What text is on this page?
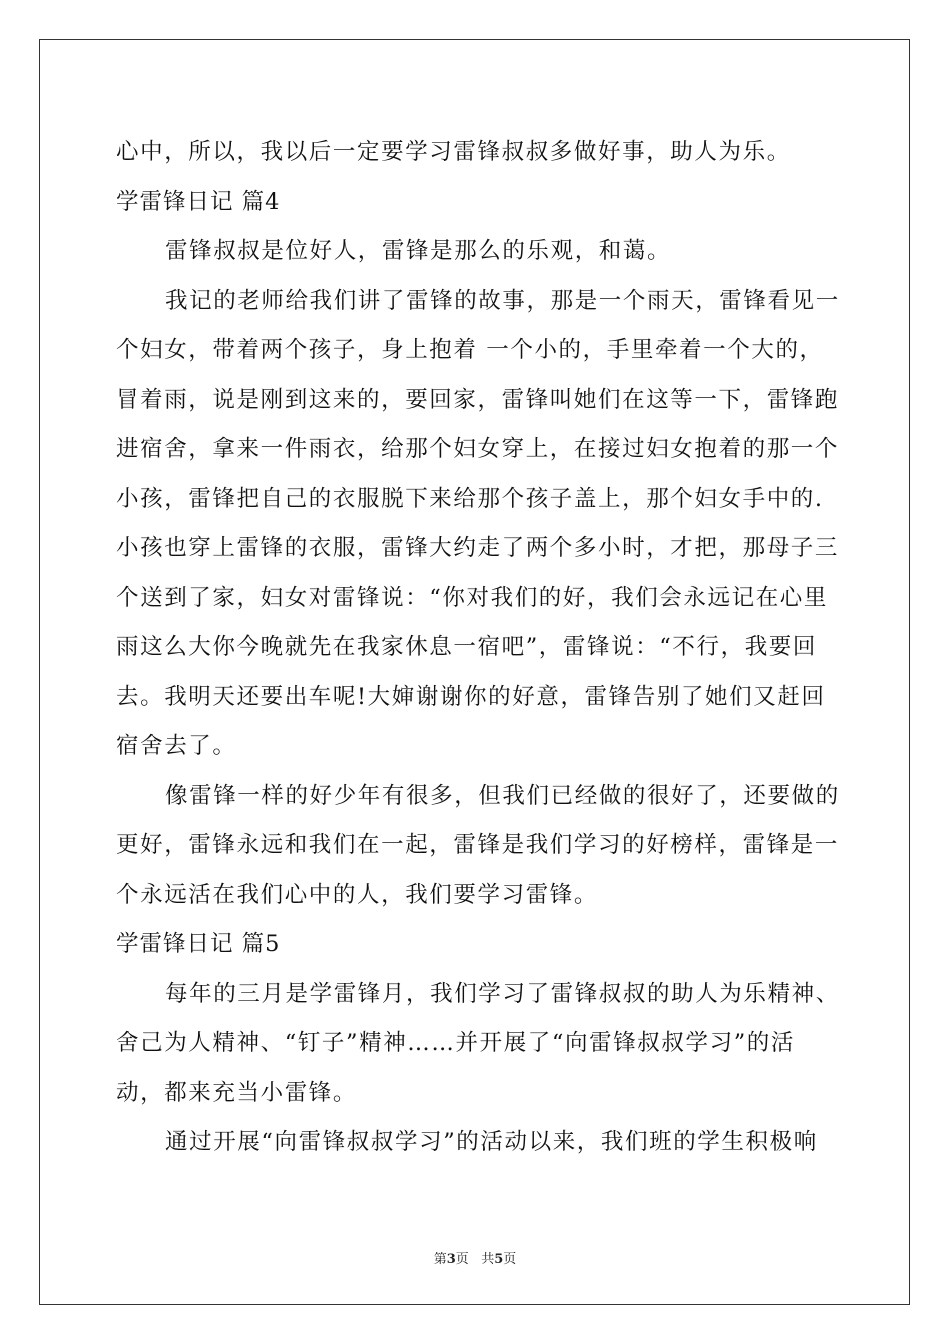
心中，所以，我以后一定要学习雷锋叔叔多做好事，助人为乐。
学雷锋日记 篇4
雷锋叔叔是位好人，雷锋是那么的乐观，和蔼。
我记的老师给我们讲了雷锋的故事，那是一个雨天，雷锋看见一
个妇女，带着两个孩子，身上抱着 一个小的，手里牵着一个大的，
冒着雨，说是刚到这来的，要回家，雷锋叫她们在这等一下，雷锋跑
进宿舍，拿来一件雨衣，给那个妇女穿上，在接过妇女抱着的那一个
小孩，雷锋把自己的衣服脱下来给那个孩子盖上，那个妇女手中的.
小孩也穿上雷锋的衣服，雷锋大约走了两个多小时，才把，那母子三
个送到了家，妇女对雷锋说：“你对我们的好，我们会永远记在心里
雨这么大你今晚就先在我家休息一宿吧”，雷锋说：“不行，我要回
去。我明天还要出车呢!大婶谢谢你的好意，雷锋告别了她们又赶回
宿舍去了。
像雷锋一样的好少年有很多，但我们已经做的很好了，还要做的
更好，雷锋永远和我们在一起，雷锋是我们学习的好榜样，雷锋是一
个永远活在我们心中的人，我们要学习雷锋。
学雷锋日记 篇5
每年的三月是学雷锋月，我们学习了雷锋叔叔的助人为乐精神、
舍己为人精神、“钉子”精神……并开展了“向雷锋叔叔学习”的活
动，都来充当小雷锋。
通过开展“向雷锋叔叔学习”的活动以来，我们班的学生积极响
第3页 共5页
